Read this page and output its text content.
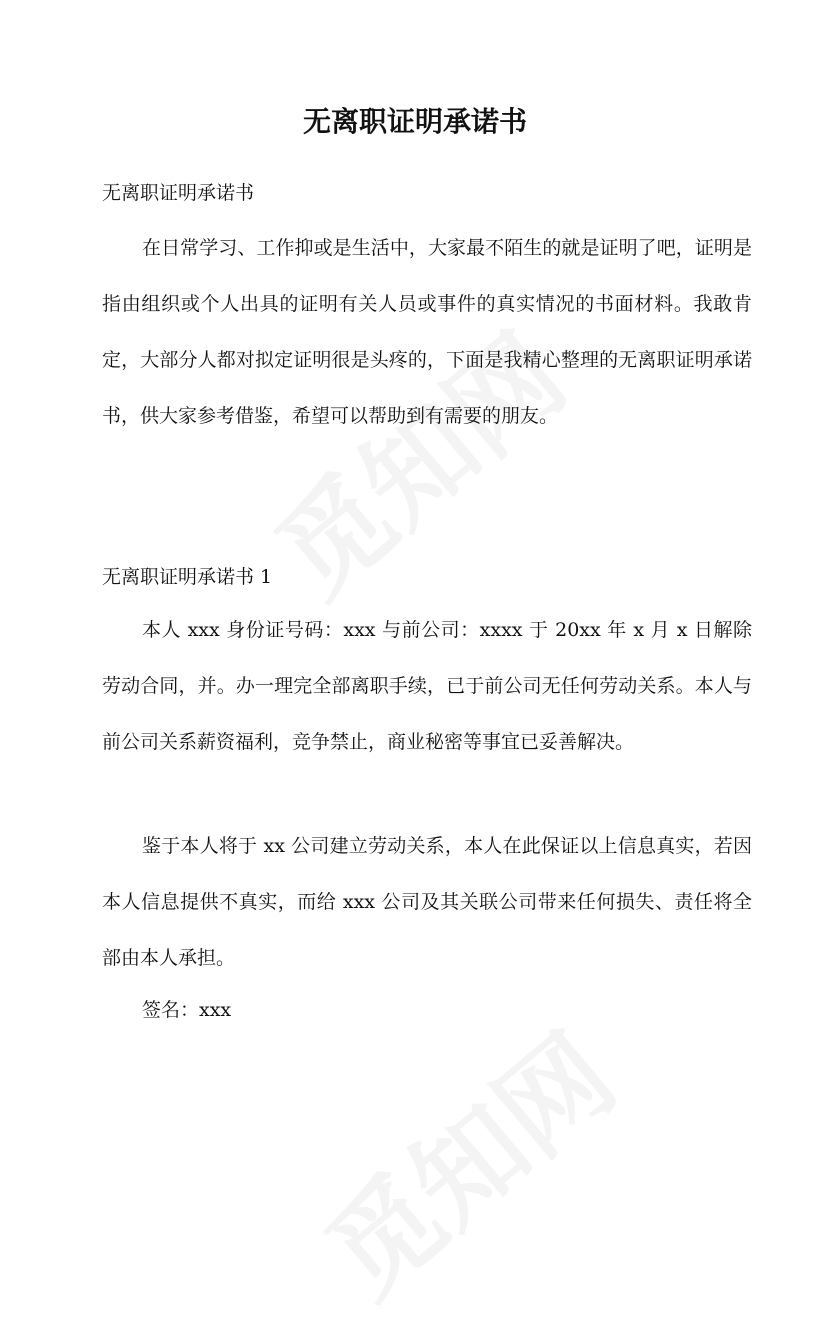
无离职证明承诺书

无离职证明承诺书

在日常学习、工作抑或是生活中，大家最不陌生的就是证明了吧，证明是指由组织或个人出具的证明有关人员或事件的真实情况的书面材料。我敢肯定，大部分人都对拟定证明很是头疼的，下面是我精心整理的无离职证明承诺书，供大家参考借鉴，希望可以帮助到有需要的朋友。

无离职证明承诺书 1

本人 xxx 身份证号码：xxx 与前公司：xxxx 于 20xx 年 x 月 x 日解除劳动合同，并。办一理完全部离职手续，已于前公司无任何劳动关系。本人与前公司关系薪资福利，竞争禁止，商业秘密等事宜已妥善解决。

鉴于本人将于 xx 公司建立劳动关系，本人在此保证以上信息真实，若因本人信息提供不真实，而给 xxx 公司及其关联公司带来任何损失、责任将全部由本人承担。

签名：xxx
